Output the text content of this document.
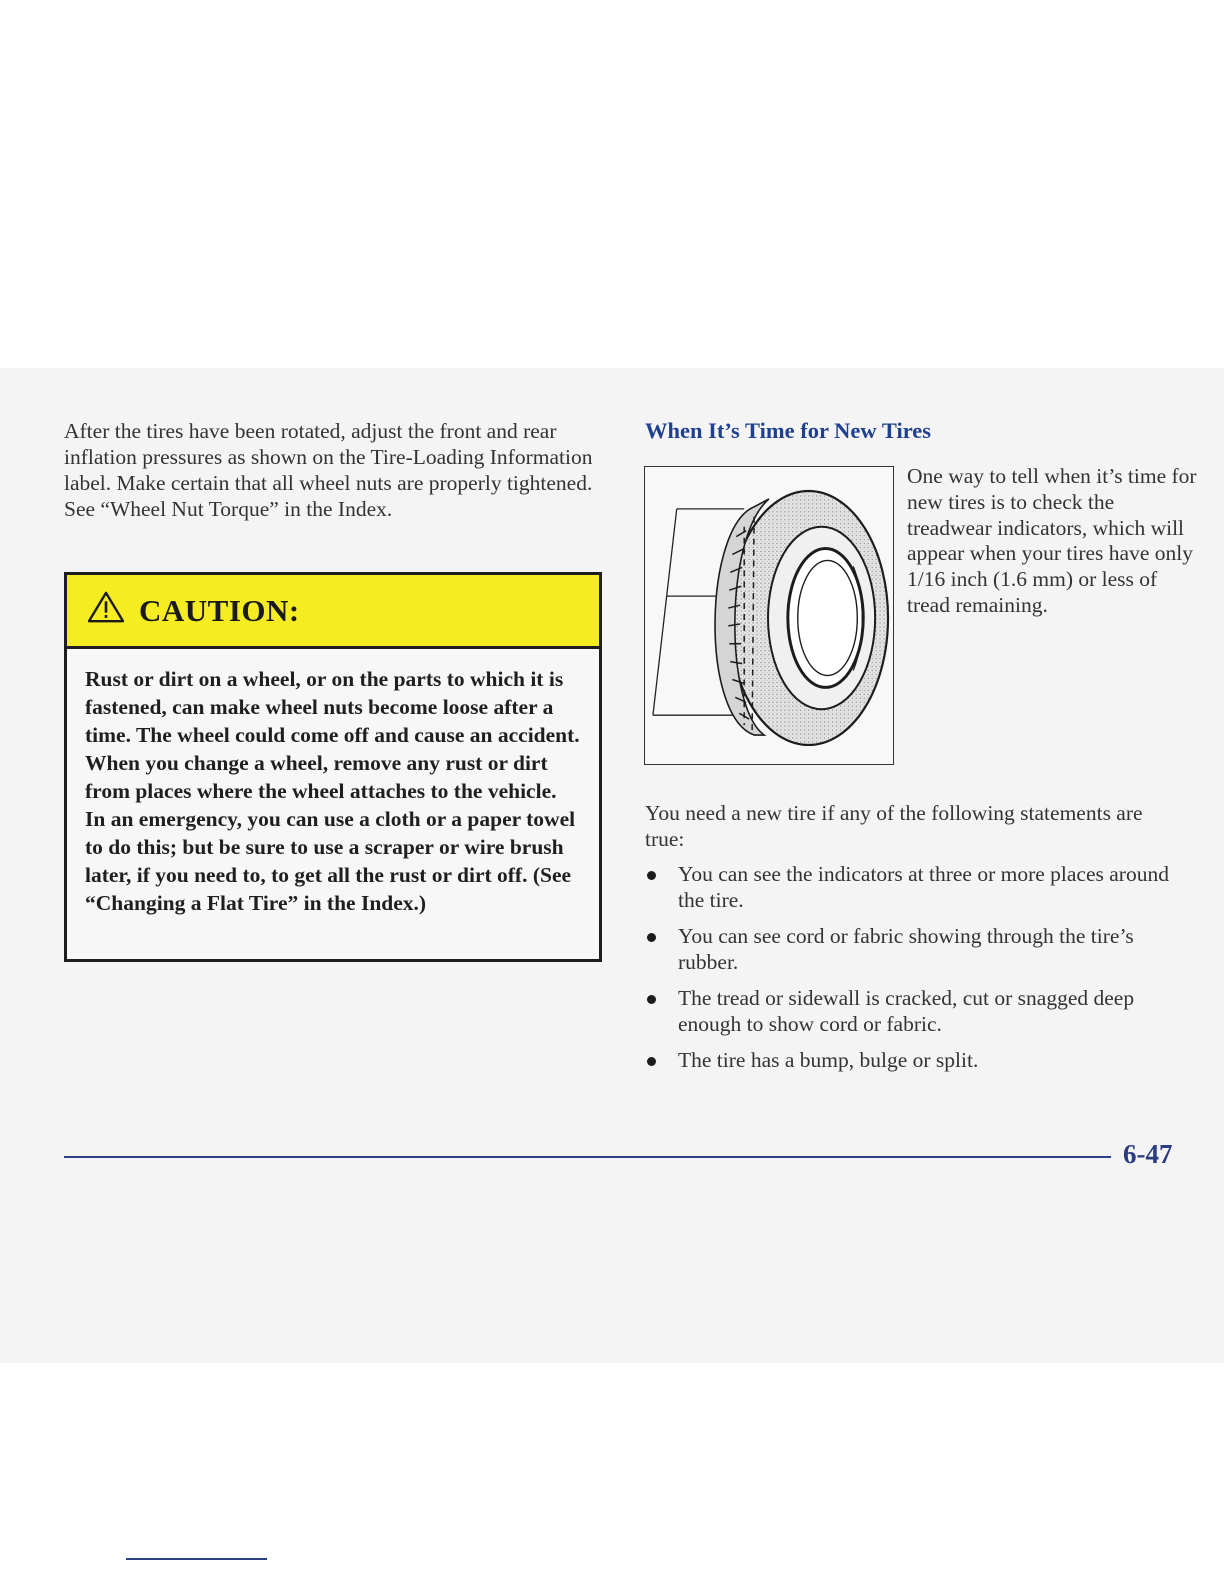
After the tires have been rotated, adjust the front and rear inflation pressures as shown on the Tire-Loading Information label. Make certain that all wheel nuts are properly tightened. See “Wheel Nut Torque” in the Index.

CAUTION:

Rust or dirt on a wheel, or on the parts to which it is fastened, can make wheel nuts become loose after a time. The wheel could come off and cause an accident. When you change a wheel, remove any rust or dirt from places where the wheel attaches to the vehicle. In an emergency, you can use a cloth or a paper towel to do this; but be sure to use a scraper or wire brush later, if you need to, to get all the rust or dirt off. (See “Changing a Flat Tire” in the Index.)

When It’s Time for New Tires

One way to tell when it’s time for new tires is to check the treadwear indicators, which will appear when your tires have only 1/16 inch (1.6 mm) or less of tread remaining.

You need a new tire if any of the following statements are true:

You can see the indicators at three or more places around the tire.
You can see cord or fabric showing through the tire’s rubber.
The tread or sidewall is cracked, cut or snagged deep enough to show cord or fabric.
The tire has a bump, bulge or split.
6-47
